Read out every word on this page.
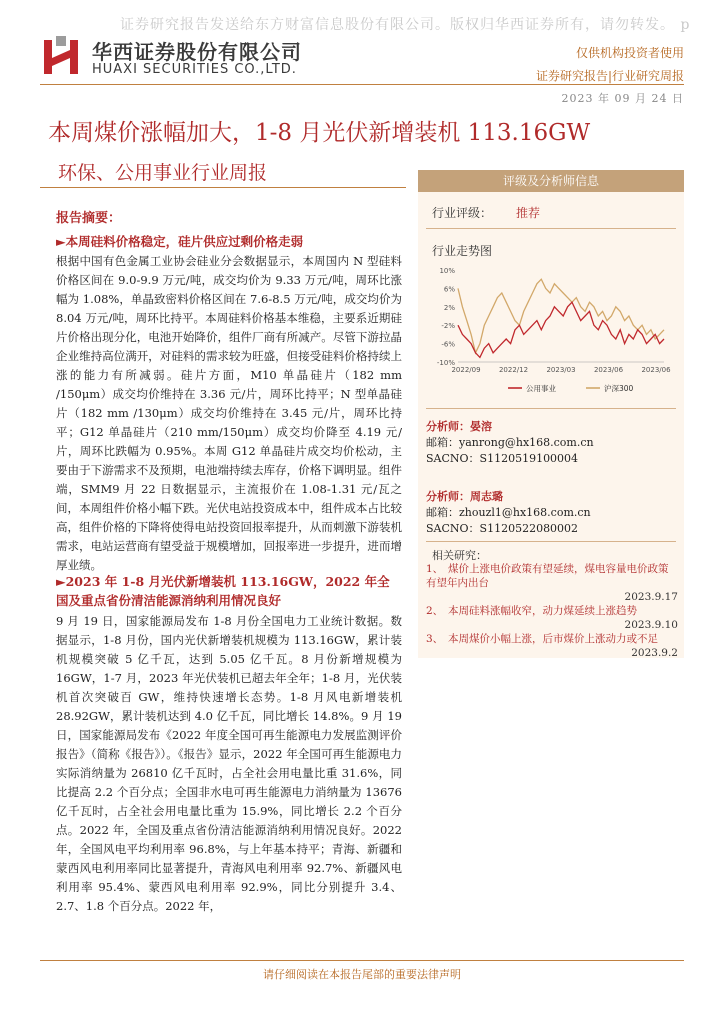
证券研究报告发送给东方财富信息股份有限公司。版权归华西证券所有，请勿转发。 p
华西证券股份有限公司
HUAXI SECURITIES CO.,LTD.
仅供机构投资者使用
证券研究报告|行业研究周报
2023 年 09 月 24 日
本周煤价涨幅加大，1-8 月光伏新增装机 113.16GW
环保、公用事业行业周报	评级及分析师信息
行业评级： 推荐
行业走势图
10%
6%
2%
-2%
-6%
-10%
2022/09	2022/12	2023/03	2023/06	2023/06
公用事业	沪深300
分析师：晏溶
邮箱：yanrong@hx168.com.cn
SACNO：S1120519100004
分析师：周志璐
邮箱：zhouzl1@hx168.com.cn
SACNO：S1120522080002
相关研究：
1、 煤价上涨电价政策有望延续，煤电容量电价政策有望年内出台
2023.9.17
2、 本周硅料涨幅收窄，动力煤延续上涨趋势
2023.9.10
3、 本周煤价小幅上涨，后市煤价上涨动力或不足
2023.9.2
报告摘要：
►本周硅料价格稳定，硅片供应过剩价格走弱
根据中国有色金属工业协会硅业分会数据显示，本周国内 N 型硅料价格区间在 9.0-9.9 万元/吨，成交均价为 9.33 万元/吨，周环比涨幅为 1.08%，单晶致密料价格区间在 7.6-8.5 万元/吨，成交均价为 8.04 万元/吨，周环比持平。本周硅料价格基本维稳，主要系近期硅片价格出现分化，电池开始降价，组件厂商有所减产。尽管下游拉晶企业维持高位满开，对硅料的需求较为旺盛，但接受硅料价格持续上涨的能力有所减弱。硅片方面，M10 单晶硅片（182 mm /150μm）成交均价维持在 3.36 元/片，周环比持平；N 型单晶硅片（182 mm /130μm）成交均价维持在 3.45 元/片，周环比持平；G12 单晶硅片（210 mm/150μm）成交均价降至 4.19 元/片，周环比跌幅为 0.95%。本周 G12 单晶硅片成交均价松动，主要由于下游需求不及预期，电池端持续去库存，价格下调明显。组件端，SMM9 月 22 日数据显示，主流报价在 1.08-1.31 元/瓦之间，本周组件价格小幅下跌。光伏电站投资成本中，组件成本占比较高，组件价格的下降将使得电站投资回报率提升，从而刺激下游装机需求，电站运营商有望受益于规模增加，回报率进一步提升，进而增厚业绩。
►2023 年 1-8 月光伏新增装机 113.16GW，2022 年全国及重点省份清洁能源消纳利用情况良好
9 月 19 日，国家能源局发布 1-8 月份全国电力工业统计数据。数据显示，1-8 月份，国内光伏新增装机规模为 113.16GW，累计装机规模突破 5 亿千瓦，达到 5.05 亿千瓦。8 月份新增规模为 16GW，1-7 月，2023 年光伏装机已超去年全年；1-8 月，光伏装机首次突破百 GW，维持快速增长态势。1-8 月风电新增装机 28.92GW，累计装机达到 4.0 亿千瓦，同比增长 14.8%。9 月 19 日，国家能源局发布《2022 年度全国可再生能源电力发展监测评价报告》（简称《报告》）。《报告》显示，2022 年全国可再生能源电力实际消纳量为 26810 亿千瓦时，占全社会用电量比重 31.6%，同比提高 2.2 个百分点；全国非水电可再生能源电力消纳量为 13676 亿千瓦时，占全社会用电量比重为 15.9%，同比增长 2.2 个百分点。2022 年，全国及重点省份清洁能源消纳利用情况良好。2022 年，全国风电平均利用率 96.8%，与上年基本持平；青海、新疆和蒙西风电利用率同比显著提升，青海风电利用率 92.7%、新疆风电利用率 95.4%、蒙西风电利用率 92.9%，同比分别提升 3.4、2.7、1.8 个百分点。2022 年，
请仔细阅读在本报告尾部的重要法律声明
